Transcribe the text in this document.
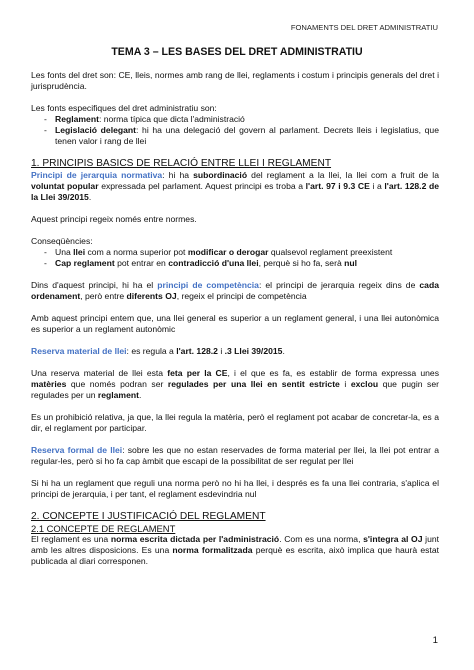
FONAMENTS DEL DRET ADMINISTRATIU
TEMA 3 – LES BASES DEL DRET ADMINISTRATIU

Les fonts del dret son: CE, lleis, normes amb rang de llei, reglaments i costum i principis generals del dret i jurisprudència.

Les fonts especifiques del dret administratiu son:

- Reglament: norma típica que dicta l'administració
- Legislació delegant: hi ha una delegació del govern al parlament. Decrets lleis i legislatius, que tenen valor i rang de llei
1. PRINCIPIS BASICS DE RELACIÓ ENTRE LLEI I REGLAMENT

Principi de jerarquia normativa: hi ha subordinació del reglament a la llei, la llei com a fruit de la voluntat popular expressada pel parlament. Aquest principi es troba a l'art. 97 i 9.3 CE i a l'art. 128.2 de la Llei 39/2015.

Aquest principi regeix només entre normes.

Conseqüències:

- Una llei com a norma superior pot modificar o derogar qualsevol reglament preexistent
- Cap reglament pot entrar en contradicció d'una llei, perquè si ho fa, serà nul

Dins d'aquest principi, hi ha el principi de competència: el principi de jerarquia regeix dins de cada ordenament, però entre diferents OJ, regeix el principi de competència

Amb aquest principi entem que, una llei general es superior a un reglament general, i una llei autonòmica es superior a un reglament autonòmic

Reserva material de llei: es regula a l'art. 128.2 i .3 Llei 39/2015.

Una reserva material de llei esta feta per la CE, i el que es fa, es establir de forma expressa unes matèries que només podran ser regulades per una llei en sentit estricte i exclou que pugin ser regulades per un reglament.

Es un prohibició relativa, ja que, la llei regula la matèria, però el reglament pot acabar de concretar-la, es a dir, el reglament por participar.

Reserva formal de llei: sobre les que no estan reservades de forma material per llei, la llei pot entrar a regular-les, però si ho fa cap àmbit que escapi de la possibilitat de ser regulat per llei

Si hi ha un reglament que reguli una norma però no hi ha llei, i després es fa una llei contraria, s'aplica el principi de jerarquia, i per tant, el reglament esdevindria nul

2. CONCEPTE I JUSTIFICACIÓ DEL REGLAMENT
2.1 CONCEPTE DE REGLAMENT

El reglament es una norma escrita dictada per l'administració. Com es una norma, s'integra al OJ junt amb les altres disposicions. Es una norma formalitzada perquè es escrita, això implica que haurà estat publicada al diari corresponen.

1
